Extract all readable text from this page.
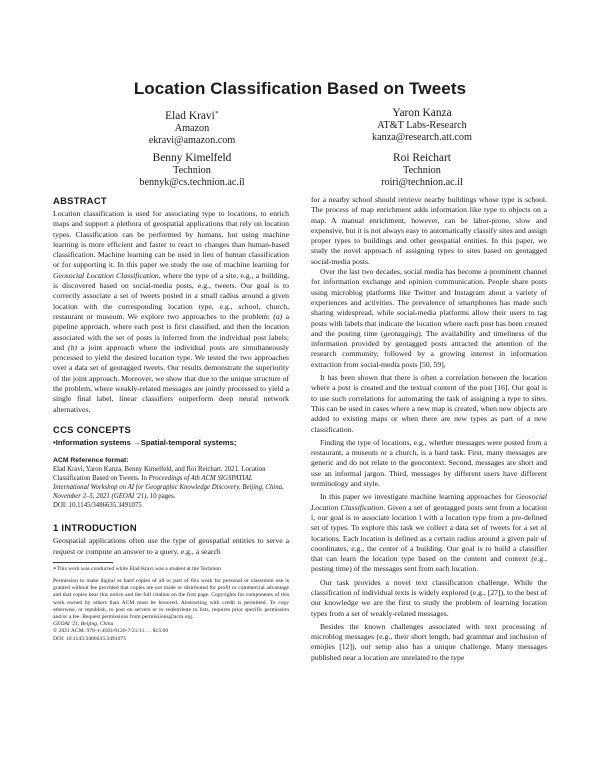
Location Classification Based on Tweets
Elad Kravi∗
Amazon
ekravi@amazon.com
Yaron Kanza
AT&T Labs-Research
kanza@research.att.com
Benny Kimelfeld
Technion
bennyk@cs.technion.ac.il
Roi Reichart
Technion
roiri@technion.ac.il
ABSTRACT

Location classification is used for associating type to locations, to enrich maps and support a plethora of geospatial applications that rely on location types. Classification can be performed by humans, but using machine learning is more efficient and faster to react to changes than human-based classification. Machine learning can be used in lieu of human classification or for supporting it. In this paper we study the use of machine learning for Geosocial Location Classification, where the type of a site, e.g., a building, is discovered based on social-media posts, e.g., tweets. Our goal is to correctly associate a set of tweets posted in a small radius around a given location with the corresponding location type, e.g., school, church, restaurant or museum. We explore two approaches to the problem: (a) a pipeline approach, where each post is first classified, and then the location associated with the set of posts is inferred from the individual post labels; and (b) a joint approach where the individual posts are simultaneously processed to yield the desired location type. We tested the two approaches over a data set of geotagged tweets. Our results demonstrate the superiority of the joint approach. Moreover, we show that due to the unique structure of the problem, where weakly-related messages are jointly processed to yield a single final label, linear classifiers outperform deep neural network alternatives.

CCS CONCEPTS
•Information systems →Spatial-temporal systems;
ACM Reference format:

Elad Kravi, Yaron Kanza, Benny Kimelfeld, and Roi Reichart. 2021. Location Classification Based on Tweets. In Proceedings of 4th ACM SIGSPATIAL International Workshop on AI for Geographic Knowledge Discovery, Beijing, China, November 2–5, 2021 (GEOAI '21), 10 pages.

DOI: 10.1145/3486635.3491075
1 INTRODUCTION

Geospatial applications often use the type of geospatial entities to serve a request or compute an answer to a query, e.g., a search

∗This work was conducted while Elad Kravi was a student at the Technion

Permission to make digital or hard copies of all or part of this work for personal or classroom use is granted without fee provided that copies are not made or distributed for profit or commercial advantage and that copies bear this notice and the full citation on the first page. Copyrights for components of this work owned by others than ACM must be honored. Abstracting with credit is permitted. To copy otherwise, or republish, to post on servers or to redistribute to lists, requires prior specific permission and/or a fee. Request permissions from permissions@acm.org.

GEOAI '21, Beijing, China

© 2021 ACM. 978-1-4503-9120-7/21/11. . . $15.00

DOI: 10.1145/3486635.3491075

for a nearby school should retrieve nearby buildings whose type is school. The process of map enrichment adds information like type to objects on a map. A manual enrichment, however, can be labor-prone, slow and expensive, but it is not always easy to automatically classify sites and assign proper types to buildings and other geospatial entities. In this paper, we study the novel approach of assigning types to sites based on geotagged social-media posts.

Over the last two decades, social media has become a prominent channel for information exchange and opinion communication. People share posts using microblog platforms like Twitter and Instagram about a variety of experiences and activities. The prevalence of smartphones has made such sharing widespread, while social-media platforms allow their users to tag posts with labels that indicate the location where each post has been created and the posting time (geotagging). The availability and timeliness of the information provided by geotagged posts attracted the attention of the research community, followed by a growing interest in information extraction from social-media posts [50, 59].

It has been shown that there is often a correlation between the location where a post is created and the textual content of the post [16]. Our goal is to use such correlations for automating the task of assigning a type to sites. This can be used in cases where a new map is created, when new objects are added to existing maps or when there are new types as part of a new classification.

Finding the type of locations, e.g., whether messages were posted from a restaurant, a museum or a church, is a hard task. First, many messages are generic and do not relate to the geocontext. Second, messages are short and use an informal jargon. Third, messages by different users have different terminology and style.

In this paper we investigate machine learning approaches for Geosocial Location Classification. Given a set of geotagged posts sent from a location l, our goal is to associate location l with a location type from a pre-defined set of types. To explore this task we collect a data set of tweets for a set of locations. Each location is defined as a certain radius around a given pair of coordinates, e.g., the center of a building. Our goal is to build a classifier that can learn the location type based on the content and context (e.g., posting time) of the messages sent from each location.

Our task provides a novel text classification challenge. While the classification of individual texts is widely explored (e.g., [27]), to the best of our knowledge we are the first to study the problem of learning location types from a set of weakly-related messages.

Besides the known challenges associated with text processing of microblog messages (e.g., their short length, bad grammar and inclusion of emojies [12]), our setup also has a unique challenge. Many messages published near a location are unrelated to the type
